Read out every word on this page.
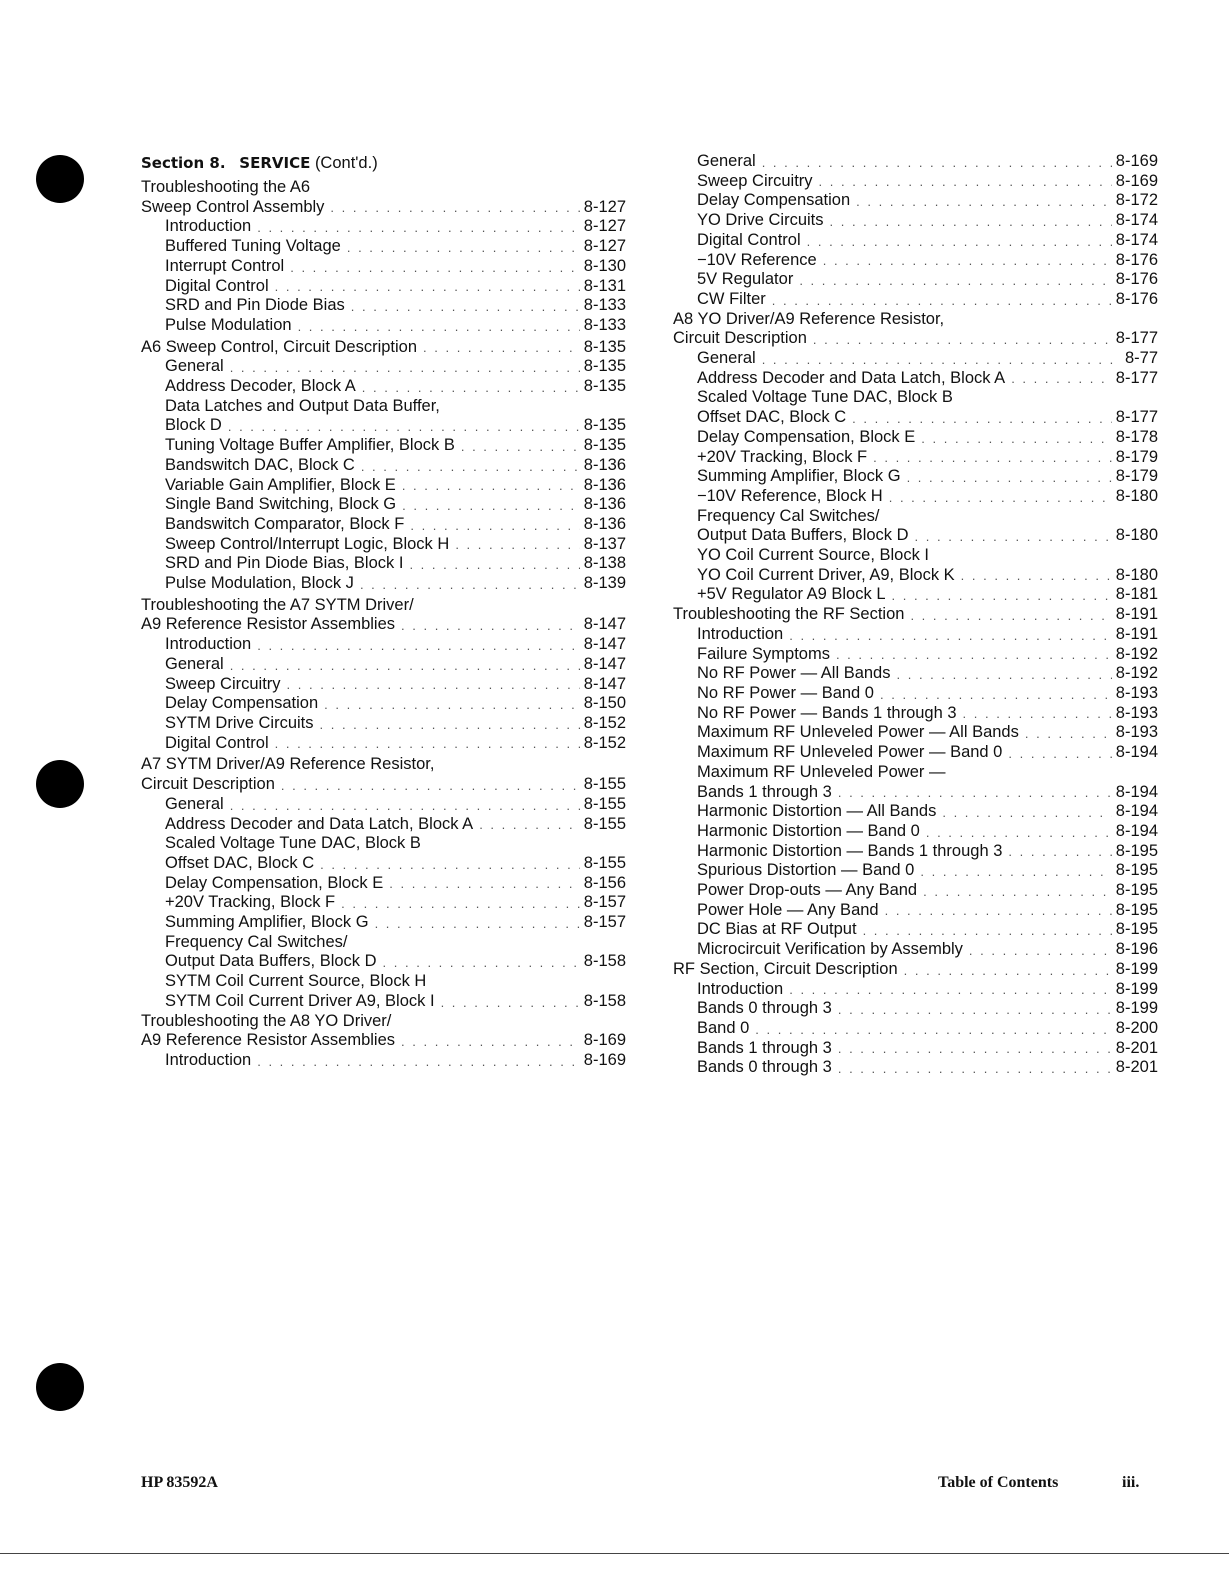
Section 8. SERVICE (Cont'd.)
Troubleshooting the A6
Sweep Control Assembly . . .	8-127
Introduction . . .	8-127
Buffered Tuning Voltage . . .	8-127
Interrupt Control . . .	8-130
Digital Control . . .	8-131
SRD and Pin Diode Bias . . .	8-133
Pulse Modulation . . .	8-133
A6 Sweep Control, Circuit Description . . .	8-135
General . . .	8-135
Address Decoder, Block A . . .	8-135
Data Latches and Output Data Buffer,
Block D . . .	8-135
Tuning Voltage Buffer Amplifier, Block B . . .	8-135
Bandswitch DAC, Block C . . .	8-136
Variable Gain Amplifier, Block E . . .	8-136
Single Band Switching, Block G . . .	8-136
Bandswitch Comparator, Block F . . .	8-136
Sweep Control/Interrupt Logic, Block H . . .	8-137
SRD and Pin Diode Bias, Block I . . .	8-138
Pulse Modulation, Block J . . .	8-139
Troubleshooting the A7 SYTM Driver/
A9 Reference Resistor Assemblies . . .	8-147
Introduction . . .	8-147
General . . .	8-147
Sweep Circuitry . . .	8-147
Delay Compensation . . .	8-150
SYTM Drive Circuits . . .	8-152
Digital Control . . .	8-152
A7 SYTM Driver/A9 Reference Resistor,
Circuit Description . . .	8-155
General . . .	8-155
Address Decoder and Data Latch, Block A . . .	8-155
Scaled Voltage Tune DAC, Block B
Offset DAC, Block C . . .	8-155
Delay Compensation, Block E . . .	8-156
+20V Tracking, Block F . . .	8-157
Summing Amplifier, Block G . . .	8-157
Frequency Cal Switches/
Output Data Buffers, Block D . . .	8-158
SYTM Coil Current Source, Block H
SYTM Coil Current Driver A9, Block I . . .	8-158
Troubleshooting the A8 YO Driver/
A9 Reference Resistor Assemblies . . .	8-169
Introduction . . .	8-169
General . . .	8-169
Sweep Circuitry . . .	8-169
Delay Compensation . . .	8-172
YO Drive Circuits . . .	8-174
Digital Control . . .	8-174
−10V Reference . . .	8-176
5V Regulator . . .	8-176
CW Filter . . .	8-176
A8 YO Driver/A9 Reference Resistor,
Circuit Description . . .	8-177
General . . .	8-77
Address Decoder and Data Latch, Block A . . .	8-177
Scaled Voltage Tune DAC, Block B
Offset DAC, Block C . . .	8-177
Delay Compensation, Block E . . .	8-178
+20V Tracking, Block F . . .	8-179
Summing Amplifier, Block G . . .	8-179
−10V Reference, Block H . . .	8-180
Frequency Cal Switches/
Output Data Buffers, Block D . . .	8-180
YO Coil Current Source, Block I
YO Coil Current Driver, A9, Block K . . .	8-180
+5V Regulator A9 Block L . . .	8-181
Troubleshooting the RF Section . . .	8-191
Introduction . . .	8-191
Failure Symptoms . . .	8-192
No RF Power — All Bands . . .	8-192
No RF Power — Band 0 . . .	8-193
No RF Power — Bands 1 through 3 . . .	8-193
Maximum RF Unleveled Power — All Bands . . .	8-193
Maximum RF Unleveled Power — Band 0 . . .	8-194
Maximum RF Unleveled Power —
Bands 1 through 3 . . .	8-194
Harmonic Distortion — All Bands . . .	8-194
Harmonic Distortion — Band 0 . . .	8-194
Harmonic Distortion — Bands 1 through 3 . . .	8-195
Spurious Distortion — Band 0 . . .	8-195
Power Drop-outs — Any Band . . .	8-195
Power Hole — Any Band . . .	8-195
DC Bias at RF Output . . .	8-195
Microcircuit Verification by Assembly . . .	8-196
RF Section, Circuit Description . . .	8-199
Introduction . . .	8-199
Bands 0 through 3 . . .	8-199
Band 0 . . .	8-200
Bands 1 through 3 . . .	8-201
Bands 0 through 3 . . .	8-201
HP 83592A	Table of Contents	iii.
